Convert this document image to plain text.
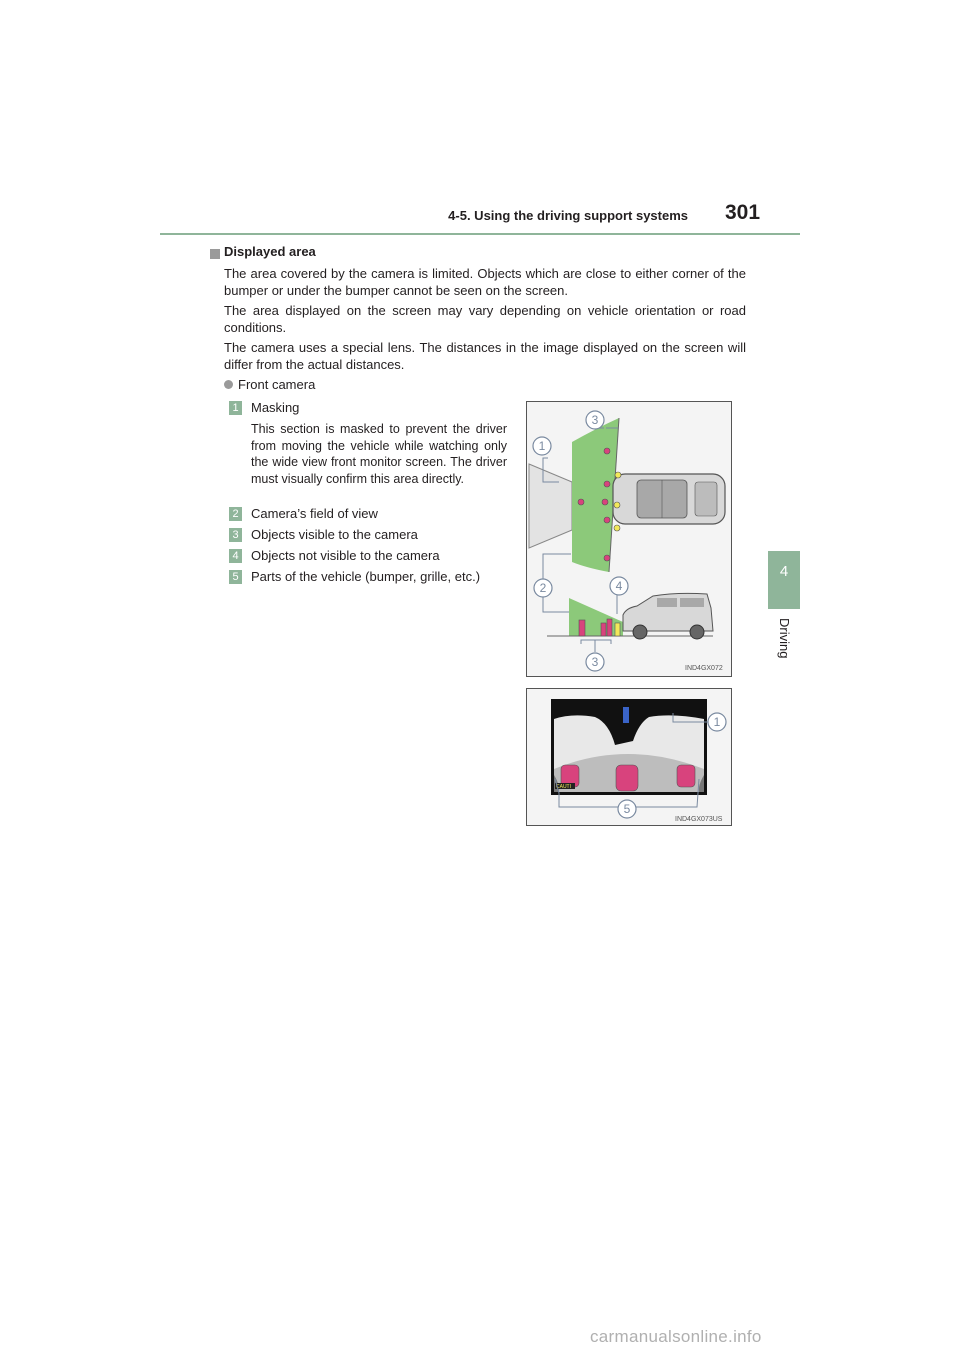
4-5. Using the driving support systems 301
4
Driving
Displayed area
The area covered by the camera is limited. Objects which are close to either corner of the bumper or under the bumper cannot be seen on the screen.
The area displayed on the screen may vary depending on vehicle orientation or road conditions.
The camera uses a special lens. The distances in the image displayed on the screen will differ from the actual distances.
Front camera
1 Masking
This section is masked to prevent the driver from moving the vehicle while watching only the wide view front monitor screen. The driver must visually confirm this area directly.
2 Camera’s field of view
3 Objects visible to the camera
4 Objects not visible to the camera
5 Parts of the vehicle (bumper, grille, etc.)
1
3
2	4
3	IND4GX072
CAUTI
1
5
IND4GX073US
carmanualsonline.info
